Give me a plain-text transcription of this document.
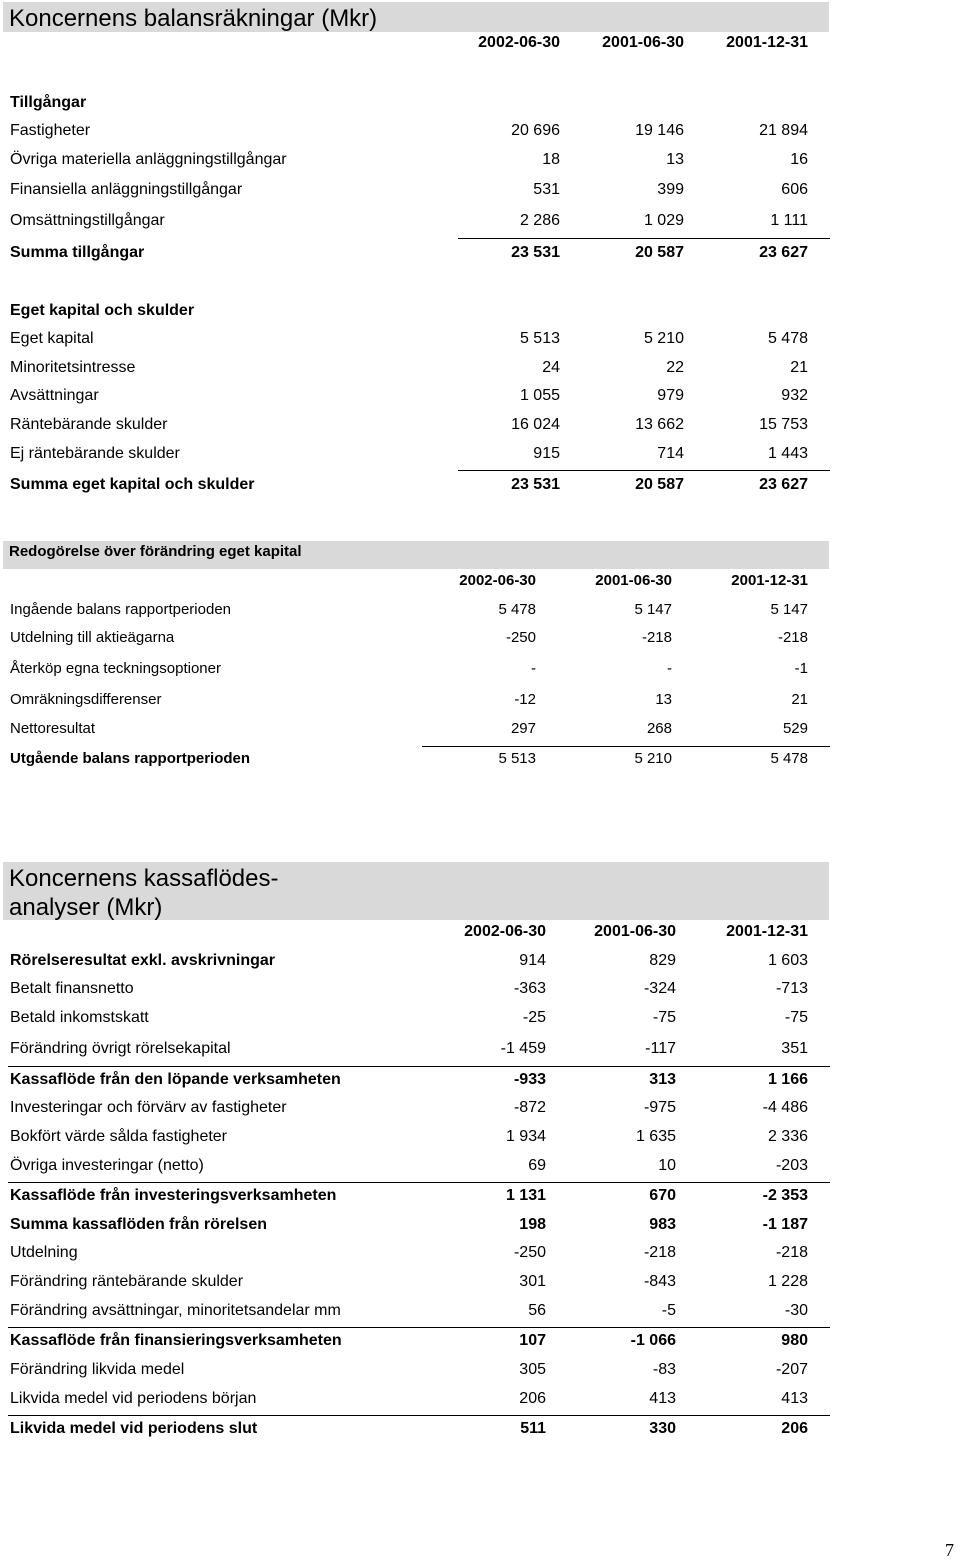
Koncernens balansräkningar (Mkr)
2002-06-30	2001-06-30	2001-12-31
Tillgångar
Fastigheter	20 696	19 146	21 894
Övriga materiella anläggningstillgångar	18	13	16
Finansiella anläggningstillgångar	531	399	606
Omsättningstillgångar	2 286	1 029	1 111
Summa tillgångar	23 531	20 587	23 627
Eget kapital och skulder
Eget kapital	5 513	5 210	5 478
Minoritetsintresse	24	22	21
Avsättningar	1 055	979	932
Räntebärande skulder	16 024	13 662	15 753
Ej räntebärande skulder	915	714	1 443
Summa eget kapital och skulder	23 531	20 587	23 627
Redogörelse över förändring eget kapital
2002-06-30	2001-06-30	2001-12-31
Ingående balans rapportperioden	5 478	5 147	5 147
Utdelning till aktieägarna	-250	-218	-218
Återköp egna teckningsoptioner	-	-	-1
Omräkningsdifferenser	-12	13	21
Nettoresultat	297	268	529
Utgående balans rapportperioden	5 513	5 210	5 478
Koncernens kassaflödes-
analyser (Mkr)
2002-06-30	2001-06-30	2001-12-31
Rörelseresultat exkl. avskrivningar	914	829	1 603
Betalt finansnetto	-363	-324	-713
Betald inkomstskatt	-25	-75	-75
Förändring övrigt rörelsekapital	-1 459	-117	351
Kassaflöde från den löpande verksamheten	-933	313	1 166
Investeringar och förvärv av fastigheter	-872	-975	-4 486
Bokfört värde sålda fastigheter	1 934	1 635	2 336
Övriga investeringar (netto)	69	10	-203
Kassaflöde från investeringsverksamheten	1 131	670	-2 353
Summa kassaflöden från rörelsen	198	983	-1 187
Utdelning	-250	-218	-218
Förändring räntebärande skulder	301	-843	1 228
Förändring avsättningar, minoritetsandelar mm	56	-5	-30
Kassaflöde från finansieringsverksamheten	107	-1 066	980
Förändring likvida medel	305	-83	-207
Likvida medel vid periodens början	206	413	413
Likvida medel vid periodens slut	511	330	206
7
